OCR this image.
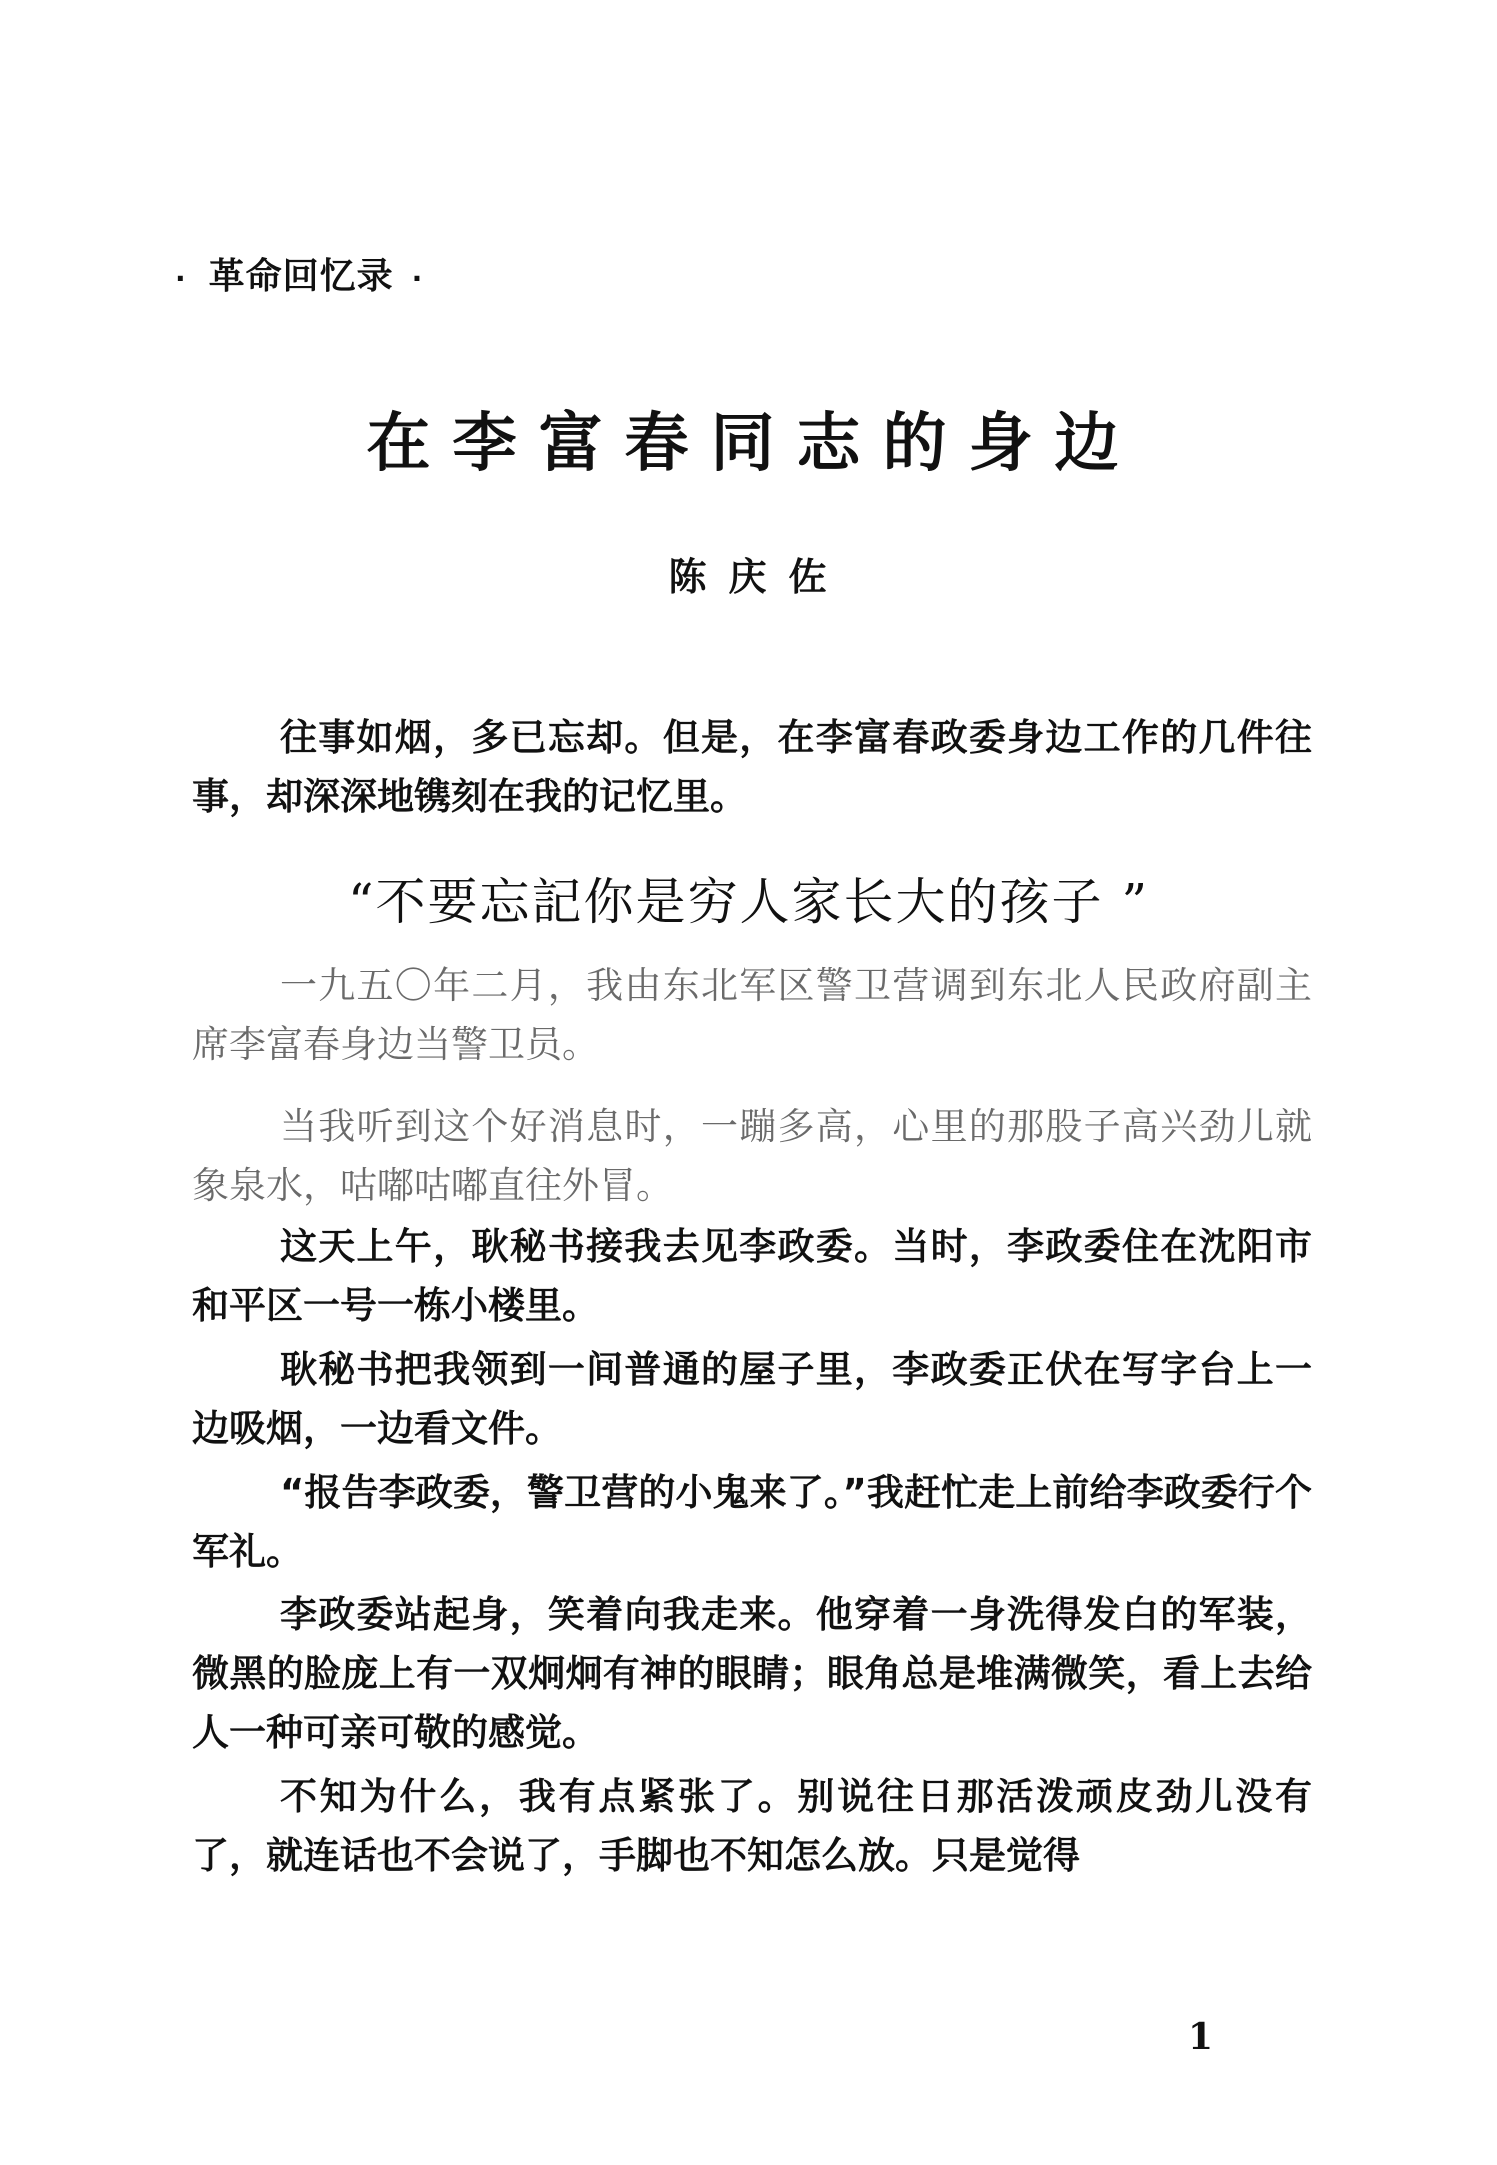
· 革命回忆录 ·
在李富春同志的身边
陈庆佐

往事如烟，多已忘却。但是，在李富春政委身边工作的几件往事，却深深地镌刻在我的记忆里。

“不要忘記你是穷人家长大的孩子 ”

一九五〇年二月，我由东北军区警卫营调到东北人民政府副主席李富春身边当警卫员。

当我听到这个好消息时，一蹦多高，心里的那股子高兴劲儿就象泉水，咕嘟咕嘟直往外冒。

这天上午，耿秘书接我去见李政委。当时，李政委住在沈阳市和平区一号一栋小楼里。

耿秘书把我领到一间普通的屋子里，李政委正伏在写字台上一边吸烟，一边看文件。

“报告李政委，警卫营的小鬼来了。”我赶忙走上前给李政委行个军礼。

李政委站起身，笑着向我走来。他穿着一身洗得发白的军装，微黑的脸庞上有一双炯炯有神的眼睛；眼角总是堆满微笑，看上去给人一种可亲可敬的感觉。

不知为什么，我有点紧张了。别说往日那活泼顽皮劲儿没有了，就连话也不会说了，手脚也不知怎么放。只是觉得

1
